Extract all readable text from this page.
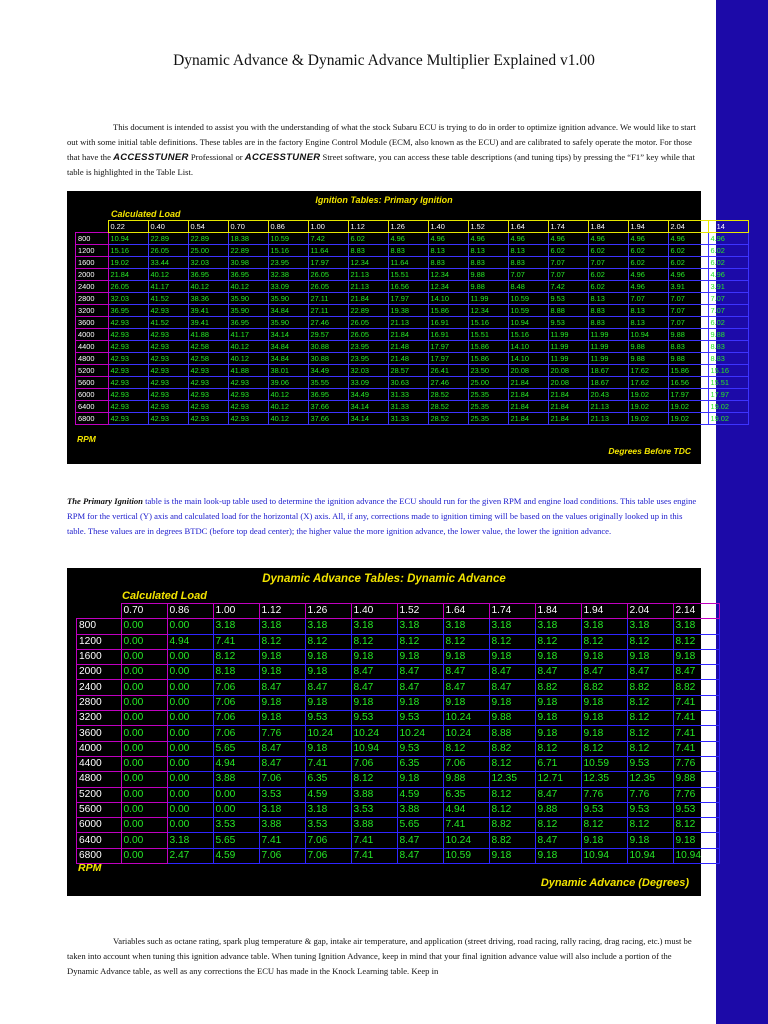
Dynamic Advance & Dynamic Advance Multiplier Explained v1.00
This document is intended to assist you with the understanding of what the stock Subaru ECU is trying to do in order to optimize ignition advance. We would like to start out with some initial table definitions. These tables are in the factory Engine Control Module (ECM, also known as the ECU) and are calibrated to safely operate the motor. For those that have the ACCESSTUNER Professional or ACCESSTUNER Street software, you can access these table descriptions (and tuning tips) by pressing the “F1” key while that table is highlighted in the Table List.
Ignition Tables: Primary Ignition
Calculated Load
	0.22	0.40	0.54	0.70	0.86	1.00	1.12	1.26	1.40	1.52	1.64	1.74	1.84	1.94	2.04	2.14
800	10.94	22.89	22.89	18.38	10.59	7.42	6.02	4.96	4.96	4.96	4.96	4.96	4.96	4.96	4.96	4.96
1200	15.16	26.05	25.00	22.89	15.16	11.64	8.83	8.83	8.13	8.13	8.13	6.02	6.02	6.02	6.02	6.02
1600	19.02	33.44	32.03	30.98	23.95	17.97	12.34	11.64	8.83	8.83	8.83	7.07	7.07	6.02	6.02	6.02
2000	21.84	40.12	36.95	36.95	32.38	26.05	21.13	15.51	12.34	9.88	7.07	7.07	6.02	4.96	4.96	4.96
2400	26.05	41.17	40.12	40.12	33.09	26.05	21.13	16.56	12.34	9.88	8.48	7.42	6.02	4.96	3.91	3.91
2800	32.03	41.52	38.36	35.90	35.90	27.11	21.84	17.97	14.10	11.99	10.59	9.53	8.13	7.07	7.07	7.07
3200	36.95	42.93	39.41	35.90	34.84	27.11	22.89	19.38	15.86	12.34	10.59	8.88	8.83	8.13	7.07	7.07
3600	42.93	41.52	39.41	36.95	35.90	27.46	26.05	21.13	16.91	15.16	10.94	9.53	8.83	8.13	7.07	6.02
4000	42.93	42.93	41.88	41.17	34.14	29.57	26.05	21.84	16.91	15.51	15.16	11.99	11.99	10.94	9.88	9.88
4400	42.93	42.93	42.58	40.12	34.84	30.88	23.95	21.48	17.97	15.86	14.10	11.99	11.99	9.88	8.83	8.83
4800	42.93	42.93	42.58	40.12	34.84	30.88	23.95	21.48	17.97	15.86	14.10	11.99	11.99	9.88	9.88	8.83
5200	42.93	42.93	42.93	41.88	38.01	34.49	32.03	28.57	26.41	23.50	20.08	20.08	18.67	17.62	15.86	15.16
5600	42.93	42.93	42.93	42.93	39.06	35.55	33.09	30.63	27.46	25.00	21.84	20.08	18.67	17.62	16.56	15.51
6000	42.93	42.93	42.93	42.93	40.12	36.95	34.49	31.33	28.52	25.35	21.84	21.84	20.43	19.02	17.97	17.97
6400	42.93	42.93	42.93	42.93	40.12	37.66	34.14	31.33	28.52	25.35	21.84	21.84	21.13	19.02	19.02	19.02
6800	42.93	42.93	42.93	42.93	40.12	37.66	34.14	31.33	28.52	25.35	21.84	21.84	21.13	19.02	19.02	19.02
RPM
Degrees Before TDC
The Primary Ignition table is the main look-up table used to determine the ignition advance the ECU should run for the given RPM and engine load conditions. This table uses engine RPM for the vertical (Y) axis and calculated load for the horizontal (X) axis. All, if any, corrections made to ignition timing will be based on the values originally looked up in this table. These values are in degrees BTDC (before top dead center); the higher value the more ignition advance, the lower value, the lower the ignition advance.
Dynamic Advance Tables: Dynamic Advance
Calculated Load
	0.70	0.86	1.00	1.12	1.26	1.40	1.52	1.64	1.74	1.84	1.94	2.04	2.14
800	0.00	0.00	3.18	3.18	3.18	3.18	3.18	3.18	3.18	3.18	3.18	3.18	3.18
1200	0.00	4.94	7.41	8.12	8.12	8.12	8.12	8.12	8.12	8.12	8.12	8.12	8.12
1600	0.00	0.00	8.12	9.18	9.18	9.18	9.18	9.18	9.18	9.18	9.18	9.18	9.18
2000	0.00	0.00	8.18	9.18	9.18	8.47	8.47	8.47	8.47	8.47	8.47	8.47	8.47
2400	0.00	0.00	7.06	8.47	8.47	8.47	8.47	8.47	8.47	8.82	8.82	8.82	8.82
2800	0.00	0.00	7.06	9.18	9.18	9.18	9.18	9.18	9.18	9.18	9.18	8.12	7.41
3200	0.00	0.00	7.06	9.18	9.53	9.53	9.53	10.24	9.88	9.18	9.18	8.12	7.41
3600	0.00	0.00	7.06	7.76	10.24	10.24	10.24	10.24	8.88	9.18	9.18	8.12	7.41
4000	0.00	0.00	5.65	8.47	9.18	10.94	9.53	8.12	8.82	8.12	8.12	8.12	7.41
4400	0.00	0.00	4.94	8.47	7.41	7.06	6.35	7.06	8.12	6.71	10.59	9.53	7.76
4800	0.00	0.00	3.88	7.06	6.35	8.12	9.18	9.88	12.35	12.71	12.35	12.35	9.88
5200	0.00	0.00	0.00	3.53	4.59	3.88	4.59	6.35	8.12	8.47	7.76	7.76	7.76
5600	0.00	0.00	0.00	3.18	3.18	3.53	3.88	4.94	8.12	9.88	9.53	9.53	9.53
6000	0.00	0.00	3.53	3.88	3.53	3.88	5.65	7.41	8.82	8.12	8.12	8.12	8.12
6400	0.00	3.18	5.65	7.41	7.06	7.41	8.47	10.24	8.82	8.47	9.18	9.18	9.18
6800	0.00	2.47	4.59	7.06	7.06	7.41	8.47	10.59	9.18	9.18	10.94	10.94	10.94
RPM
Dynamic Advance (Degrees)
Variables such as octane rating, spark plug temperature & gap, intake air temperature, and application (street driving, road racing, rally racing, drag racing, etc.) must be taken into account when tuning this ignition advance table. When tuning Ignition Advance, keep in mind that your final ignition advance value will also include a portion of the Dynamic Advance table, as well as any corrections the ECU has made in the Knock Learning table. Keep in
